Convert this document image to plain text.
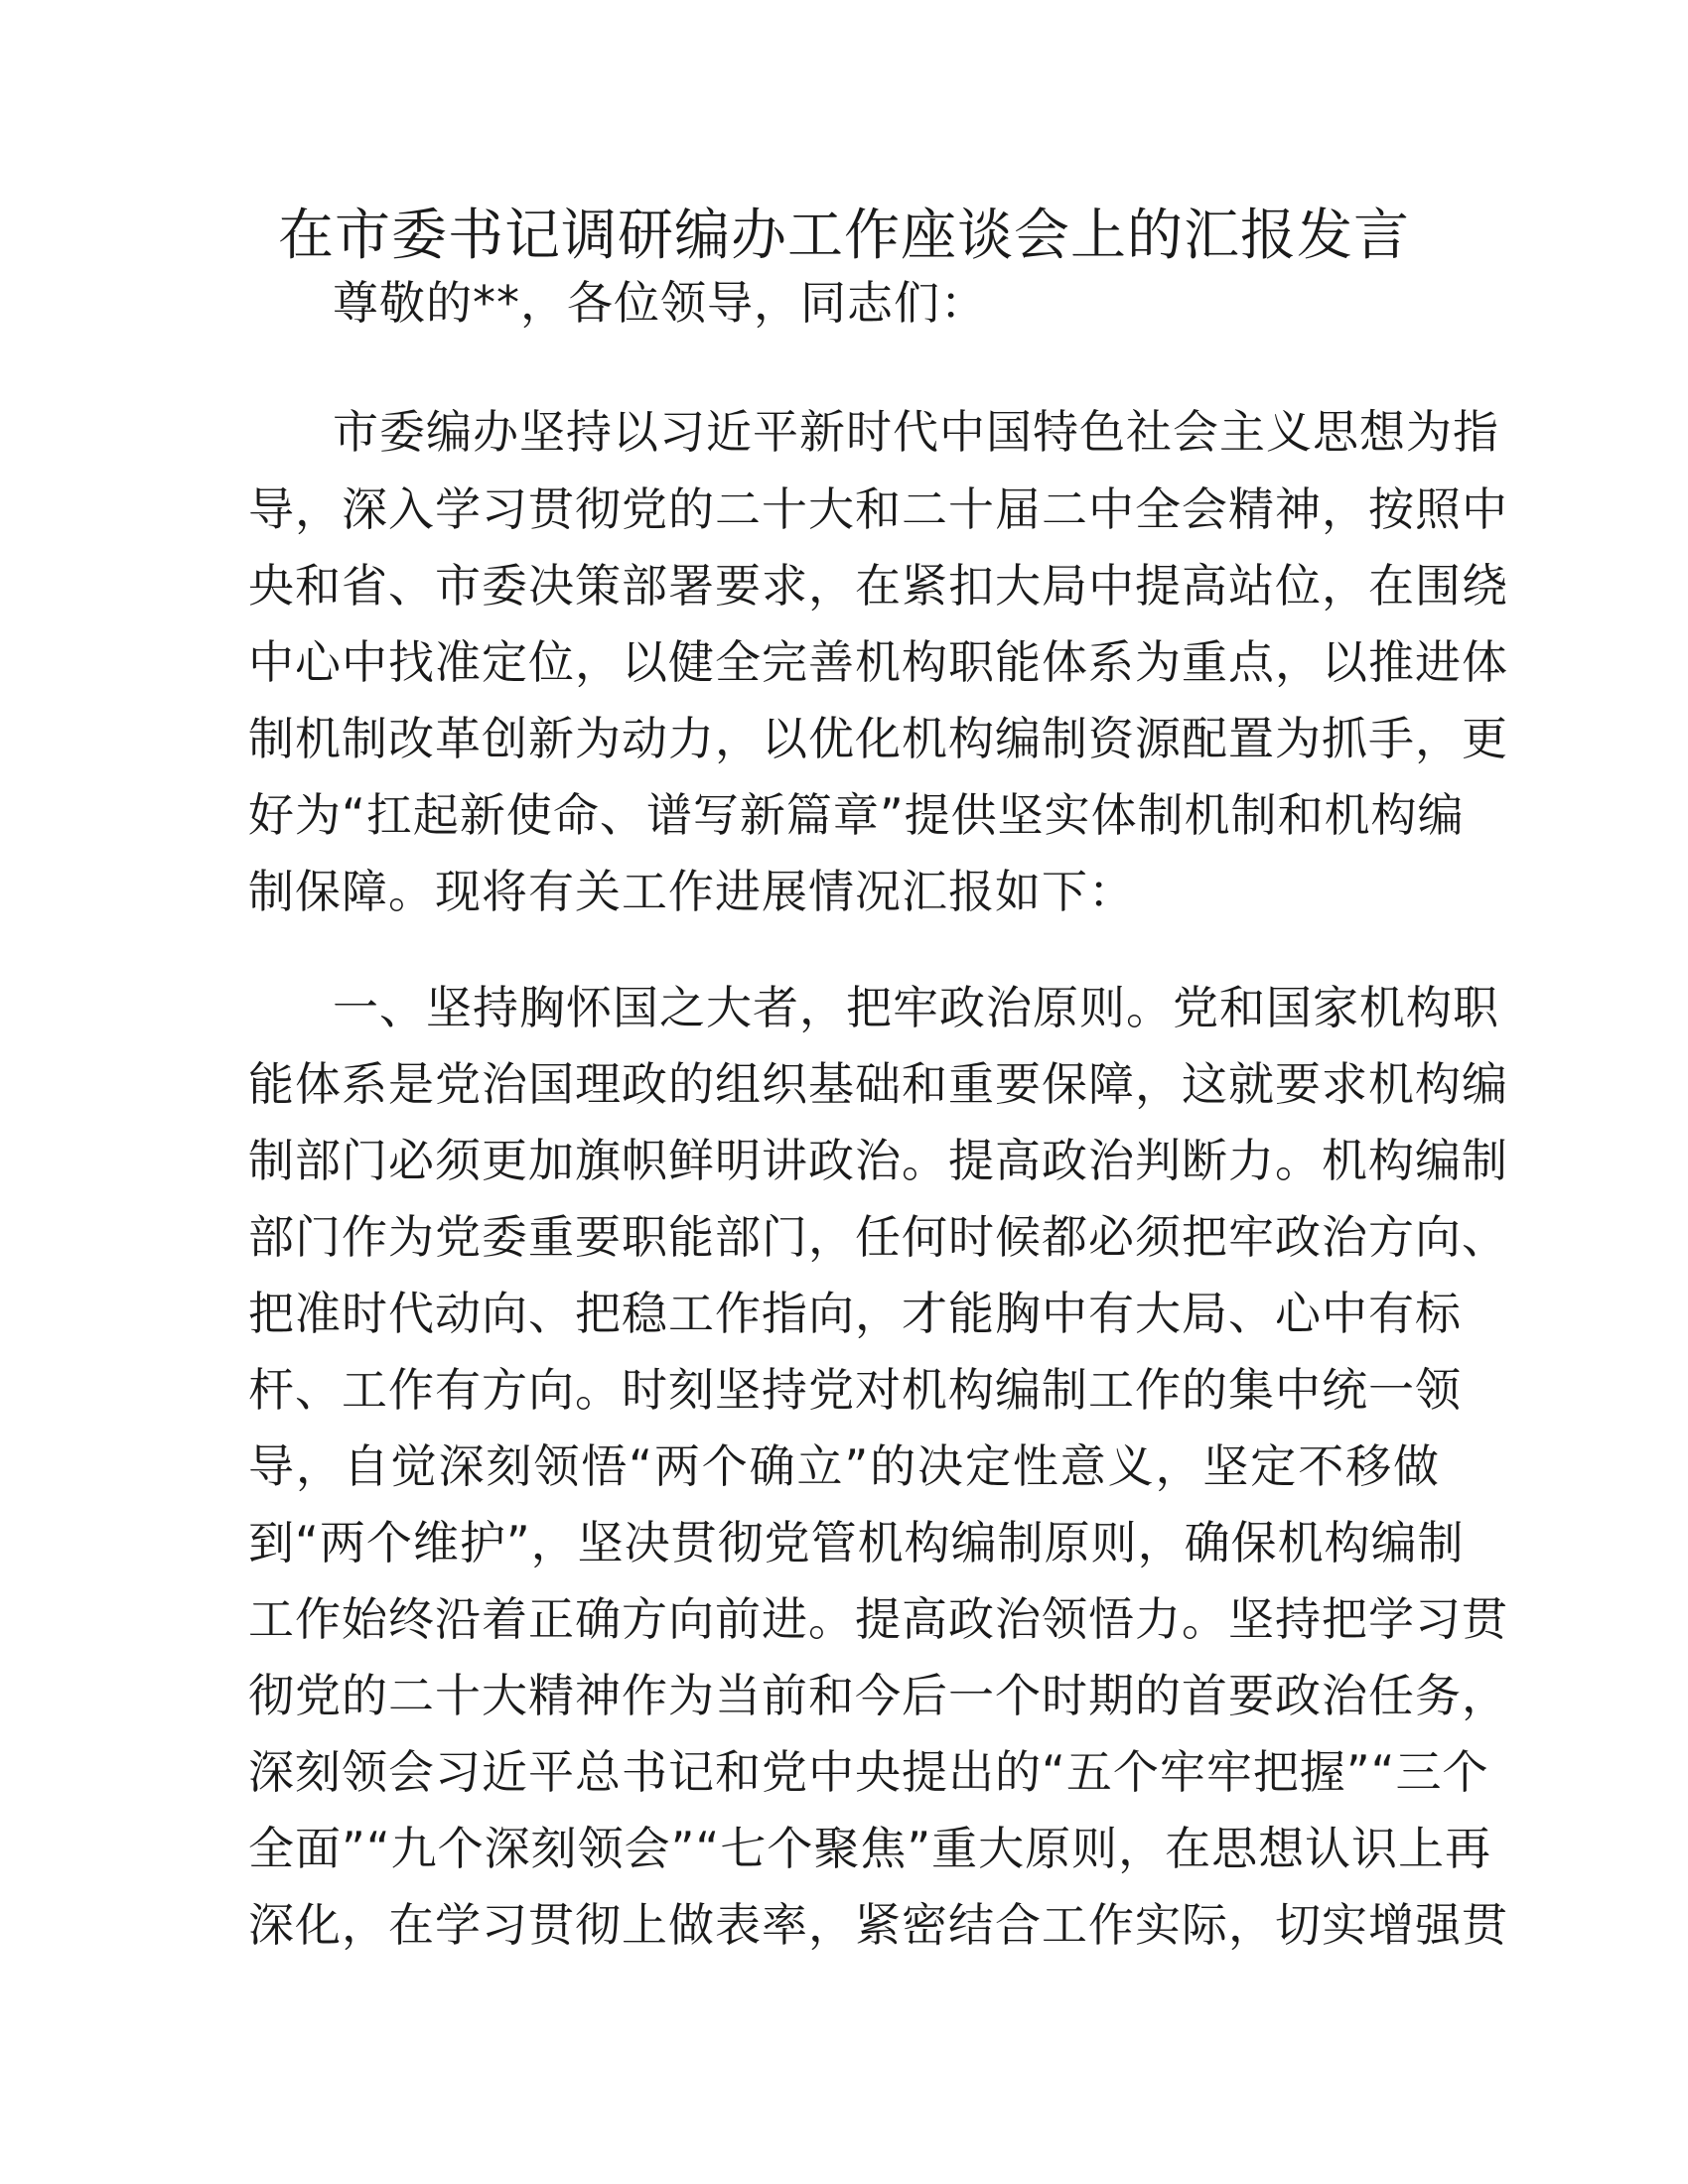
在市委书记调研编办工作座谈会上的汇报发言
尊敬的**，各位领导，同志们：
市委编办坚持以习近平新时代中国特色社会主义思想为指
导，深入学习贯彻党的二十大和二十届二中全会精神，按照中
央和省、市委决策部署要求，在紧扣大局中提高站位，在围绕
中心中找准定位，以健全完善机构职能体系为重点，以推进体
制机制改革创新为动力，以优化机构编制资源配置为抓手，更
好为“扛起新使命、谱写新篇章”提供坚实体制机制和机构编
制保障。现将有关工作进展情况汇报如下：
一、坚持胸怀国之大者，把牢政治原则。党和国家机构职
能体系是党治国理政的组织基础和重要保障，这就要求机构编
制部门必须更加旗帜鲜明讲政治。提高政治判断力。机构编制
部门作为党委重要职能部门，任何时候都必须把牢政治方向、
把准时代动向、把稳工作指向，才能胸中有大局、心中有标
杆、工作有方向。时刻坚持党对机构编制工作的集中统一领
导，自觉深刻领悟“两个确立”的决定性意义，坚定不移做
到“两个维护”，坚决贯彻党管机构编制原则，确保机构编制
工作始终沿着正确方向前进。提高政治领悟力。坚持把学习贯
彻党的二十大精神作为当前和今后一个时期的首要政治任务，
深刻领会习近平总书记和党中央提出的“五个牢牢把握”“三个
全面”“九个深刻领会”“七个聚焦”重大原则，在思想认识上再
深化，在学习贯彻上做表率，紧密结合工作实际，切实增强贯
